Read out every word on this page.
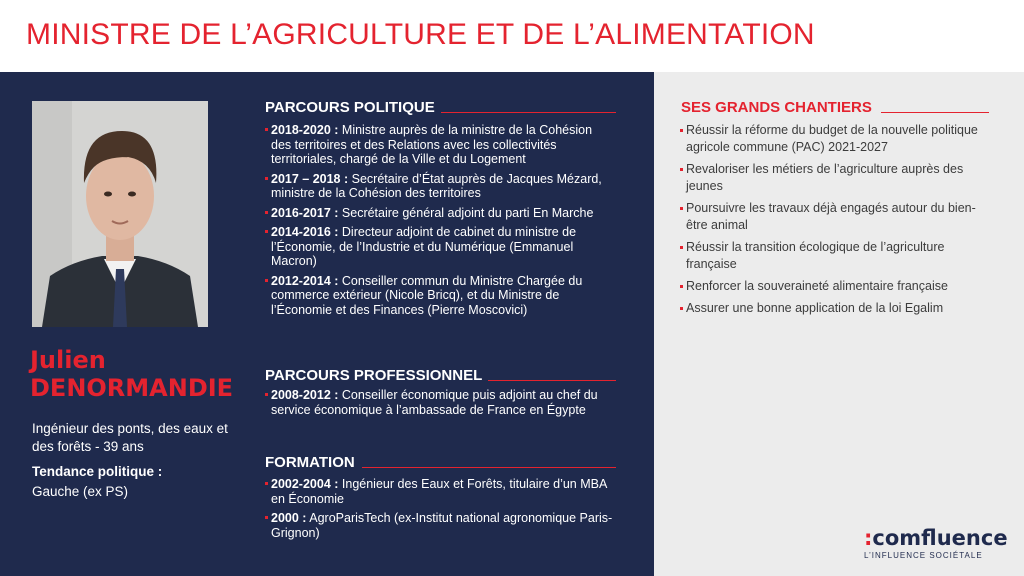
MINISTRE DE L’AGRICULTURE ET DE L’ALIMENTATION
Julien
DENORMANDIE
Ingénieur des ponts, des eaux et des forêts - 39 ans
Tendance politique :
Gauche (ex PS)
PARCOURS POLITIQUE
2018-2020 : Ministre auprès de la ministre de la Cohésion des territoires et des Relations avec les collectivités territoriales, chargé de la Ville et du Logement
2017 – 2018 : Secrétaire d’État auprès de Jacques Mézard, ministre de la Cohésion des territoires
2016-2017 : Secrétaire général adjoint du parti En Marche
2014-2016 : Directeur adjoint de cabinet du ministre de l’Économie, de l’Industrie et du Numérique (Emmanuel Macron)
2012-2014 : Conseiller commun du Ministre Chargée du commerce extérieur (Nicole Bricq), et du Ministre de l’Économie et des Finances (Pierre Moscovici)
PARCOURS PROFESSIONNEL
2008-2012 : Conseiller économique puis adjoint au chef du service économique à l’ambassade de France en Égypte
FORMATION
2002-2004 : Ingénieur des Eaux et Forêts, titulaire d’un MBA en Économie
2000 : AgroParisTech (ex-Institut national agronomique Paris-Grignon)
SES GRANDS CHANTIERS
Réussir la réforme du budget de la nouvelle politique agricole commune (PAC) 2021-2027
Revaloriser les métiers de l’agriculture auprès des jeunes
Poursuivre les travaux déjà engagés autour du bien-être animal
Réussir la transition écologique de l’agriculture française
Renforcer la souveraineté alimentaire française
Assurer une bonne application de la loi Egalim
:comfluence
L’INFLUENCE SOCIÉTALE
